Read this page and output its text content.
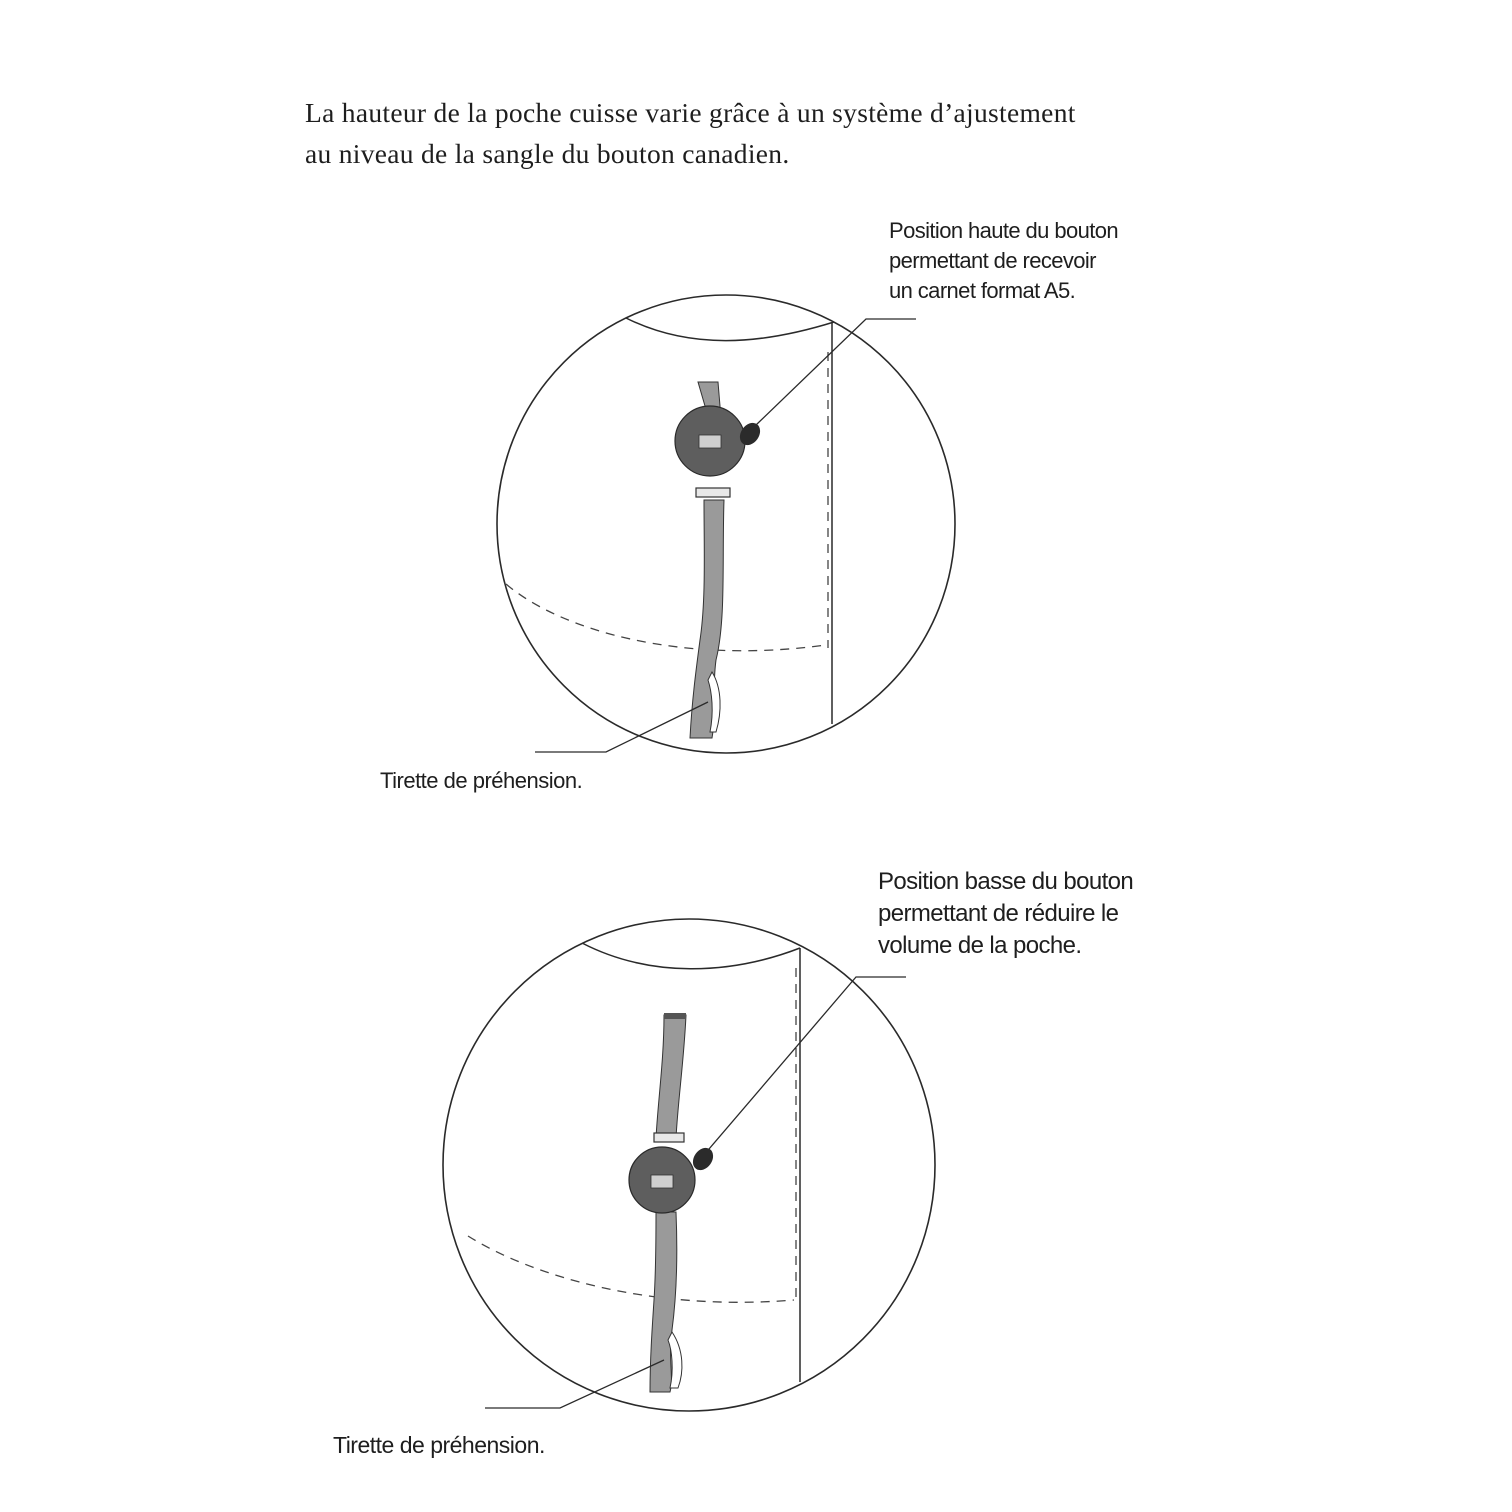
La hauteur de la poche cuisse varie grâce à un système d’ajustement
au niveau de la sangle du bouton canadien.
Position haute du bouton
permettant de recevoir
un carnet format A5.
Tirette de préhension.
Position basse du bouton
permettant de réduire le
volume de la poche.
Tirette de préhension.
